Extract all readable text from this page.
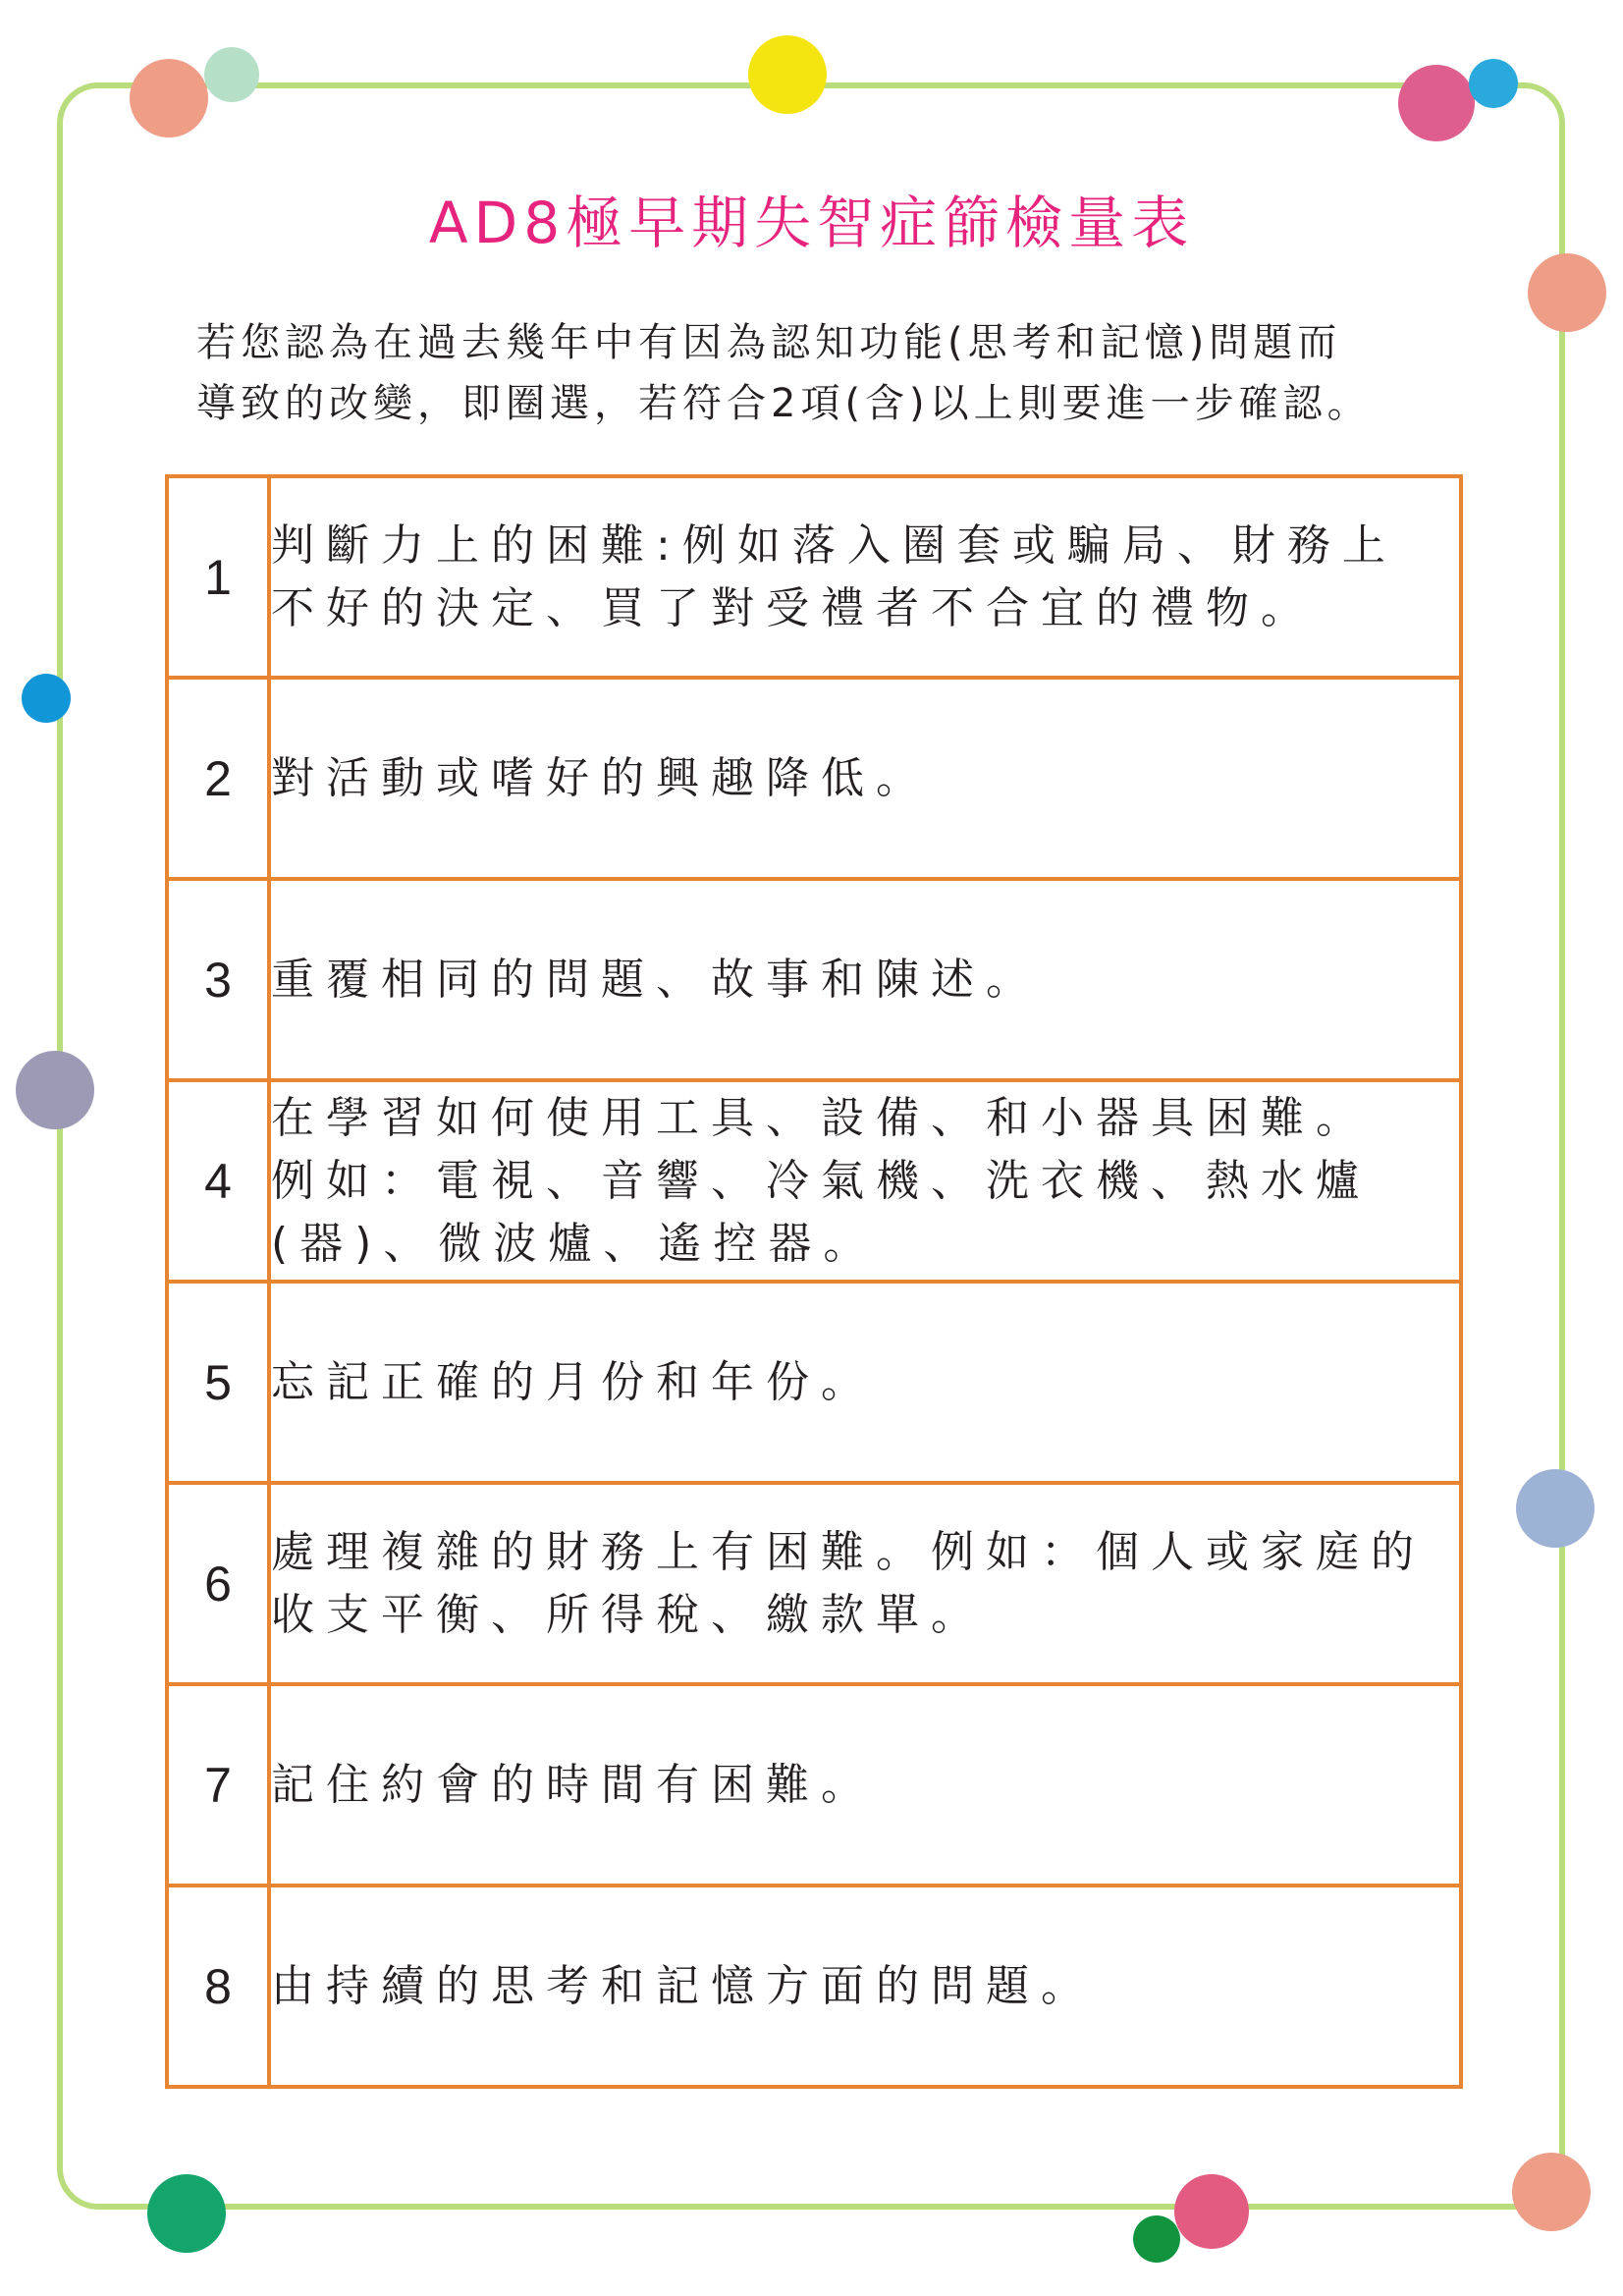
AD8極早期失智症篩檢量表

若您認為在過去幾年中有因為認知功能(思考和記憶)問題而

導致的改變，即圈選，若符合2項(含)以上則要進一步確認。

1	判斷力上的困難:例如落入圈套或騙局、財務上
不好的決定、買了對受禮者不合宜的禮物。

2	對活動或嗜好的興趣降低。

3	重覆相同的問題、故事和陳述。

4	在學習如何使用工具、設備、和小器具困難。
例如：電視、音響、冷氣機、洗衣機、熱水爐
(器)、微波爐、遙控器。

5	忘記正確的月份和年份。

6	處理複雜的財務上有困難。例如：個人或家庭的
收支平衡、所得稅、繳款單。

7	記住約會的時間有困難。

8	由持續的思考和記憶方面的問題。
